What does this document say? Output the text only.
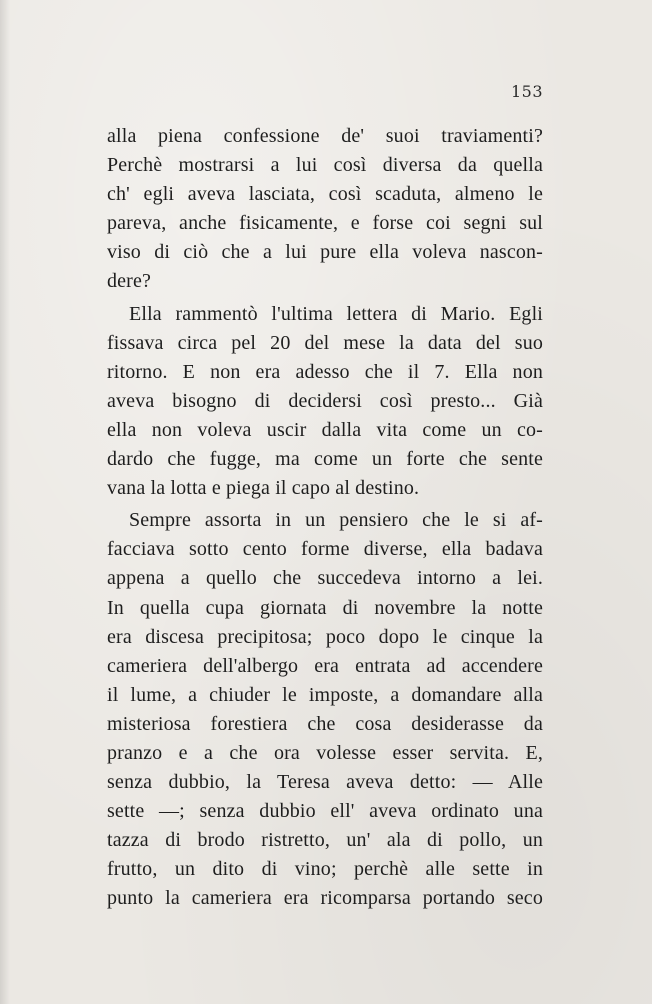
153
alla piena confessione de' suoi traviamenti?
Perchè mostrarsi a lui così diversa da quella
ch' egli aveva lasciata, così scaduta, almeno le
pareva, anche fisicamente, e forse coi segni sul
viso di ciò che a lui pure ella voleva nascon-
dere?
Ella rammentò l'ultima lettera di Mario. Egli
fissava circa pel 20 del mese la data del suo
ritorno. E non era adesso che il 7. Ella non
aveva bisogno di decidersi così presto... Già
ella non voleva uscir dalla vita come un co-
dardo che fugge, ma come un forte che sente
vana la lotta e piega il capo al destino.
Sempre assorta in un pensiero che le si af-
facciava sotto cento forme diverse, ella badava
appena a quello che succedeva intorno a lei.
In quella cupa giornata di novembre la notte
era discesa precipitosa; poco dopo le cinque la
cameriera dell'albergo era entrata ad accendere
il lume, a chiuder le imposte, a domandare alla
misteriosa forestiera che cosa desiderasse da
pranzo e a che ora volesse esser servita. E,
senza dubbio, la Teresa aveva detto: — Alle
sette —; senza dubbio ell' aveva ordinato una
tazza di brodo ristretto, un' ala di pollo, un
frutto, un dito di vino; perchè alle sette in
punto la cameriera era ricomparsa portando seco
